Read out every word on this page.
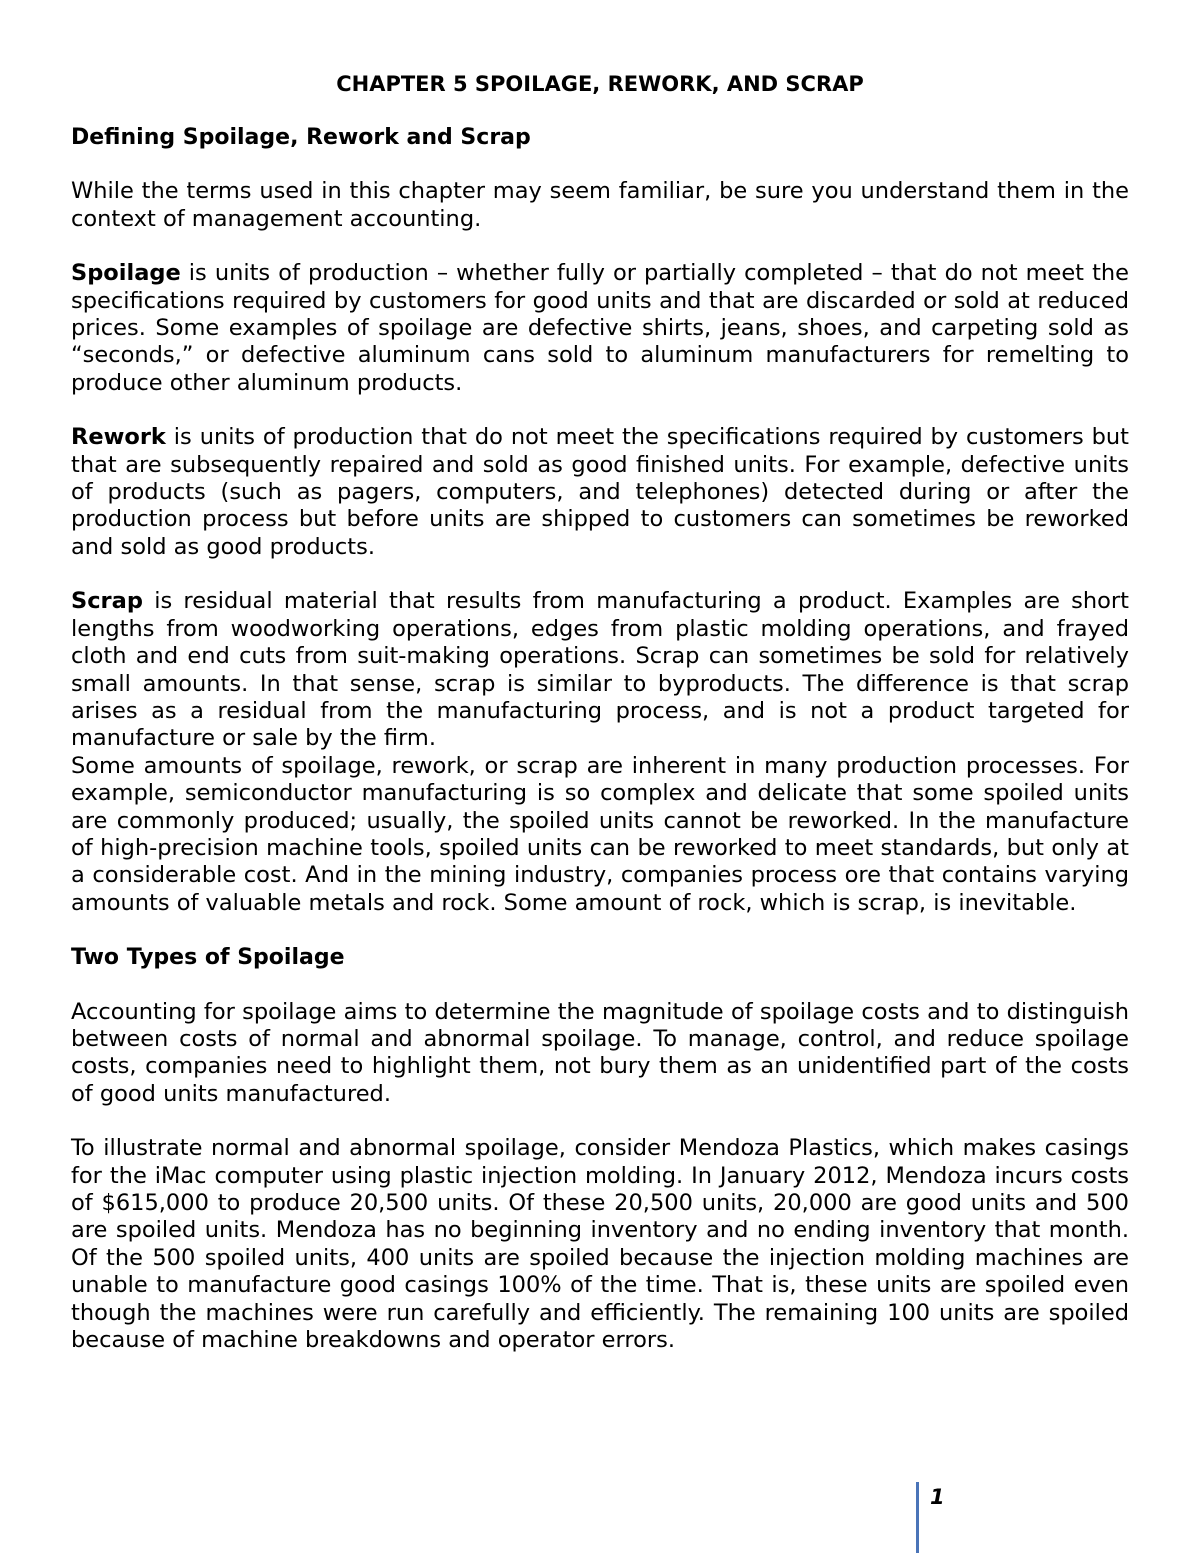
CHAPTER 5 SPOILAGE, REWORK, AND SCRAP
Defining Spoilage, Rework and Scrap
While the terms used in this chapter may seem familiar, be sure you understand them in the context of management accounting.
Spoilage is units of production – whether fully or partially completed – that do not meet the specifications required by customers for good units and that are discarded or sold at reduced prices. Some examples of spoilage are defective shirts, jeans, shoes, and carpeting sold as “seconds,” or defective aluminum cans sold to aluminum manufacturers for remelting to produce other aluminum products.
Rework is units of production that do not meet the specifications required by customers but that are subsequently repaired and sold as good finished units. For example, defective units of products (such as pagers, computers, and telephones) detected during or after the production process but before units are shipped to customers can sometimes be reworked and sold as good products.
Scrap is residual material that results from manufacturing a product. Examples are short lengths from woodworking operations, edges from plastic molding operations, and frayed cloth and end cuts from suit-making operations. Scrap can sometimes be sold for relatively small amounts. In that sense, scrap is similar to byproducts. The difference is that scrap arises as a residual from the manufacturing process, and is not a product targeted for manufacture or sale by the firm.
Some amounts of spoilage, rework, or scrap are inherent in many production processes. For example, semiconductor manufacturing is so complex and delicate that some spoiled units are commonly produced; usually, the spoiled units cannot be reworked. In the manufacture of high-precision machine tools, spoiled units can be reworked to meet standards, but only at a considerable cost. And in the mining industry, companies process ore that contains varying amounts of valuable metals and rock. Some amount of rock, which is scrap, is inevitable.
Two Types of Spoilage
Accounting for spoilage aims to determine the magnitude of spoilage costs and to distinguish between costs of normal and abnormal spoilage. To manage, control, and reduce spoilage costs, companies need to highlight them, not bury them as an unidentified part of the costs of good units manufactured.
To illustrate normal and abnormal spoilage, consider Mendoza Plastics, which makes casings for the iMac computer using plastic injection molding. In January 2012, Mendoza incurs costs of $615,000 to produce 20,500 units. Of these 20,500 units, 20,000 are good units and 500 are spoiled units. Mendoza has no beginning inventory and no ending inventory that month. Of the 500 spoiled units, 400 units are spoiled because the injection molding machines are unable to manufacture good casings 100% of the time. That is, these units are spoiled even though the machines were run carefully and efficiently. The remaining 100 units are spoiled because of machine breakdowns and operator errors.
1
